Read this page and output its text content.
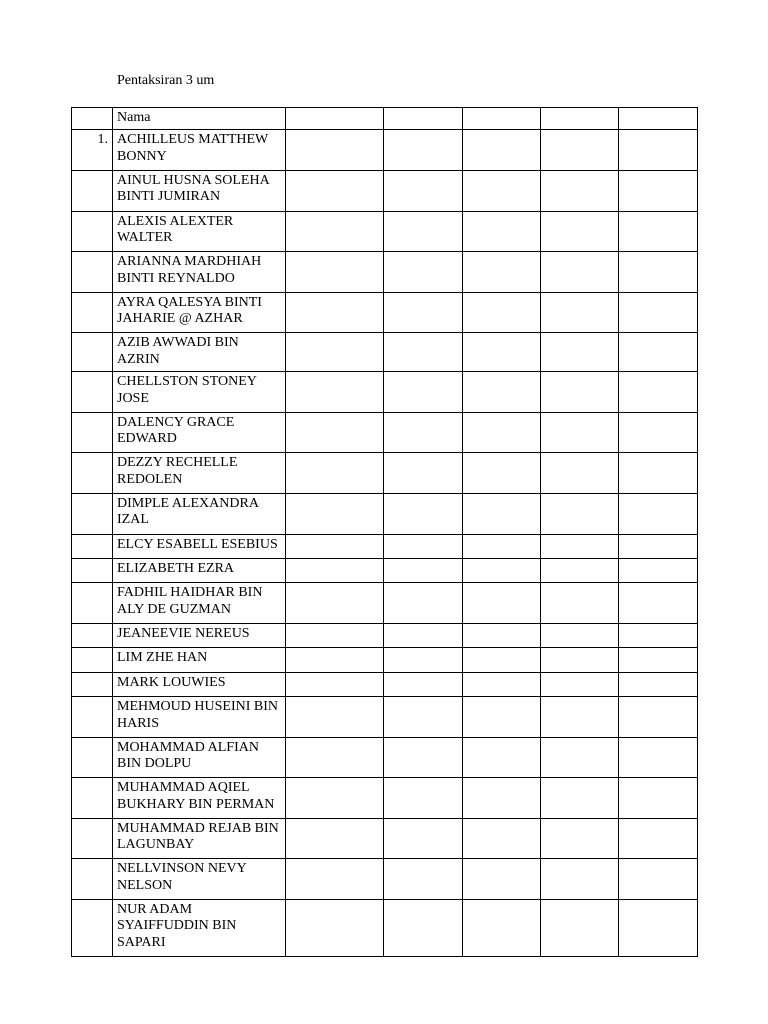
Pentaksiran 3 um
	Nama					
1.	ACHILLEUS MATTHEW BONNY					
	AINUL HUSNA SOLEHA BINTI JUMIRAN					
	ALEXIS ALEXTER WALTER					
	ARIANNA MARDHIAH BINTI REYNALDO					
	AYRA QALESYA BINTI JAHARIE @ AZHAR					
	AZIB AWWADI BIN AZRIN					
	CHELLSTON STONEY JOSE					
	DALENCY GRACE EDWARD					
	DEZZY RECHELLE REDOLEN					
	DIMPLE ALEXANDRA IZAL					
	ELCY ESABELL ESEBIUS					
	ELIZABETH EZRA					
	FADHIL HAIDHAR BIN ALY DE GUZMAN					
	JEANEEVIE NEREUS					
	LIM ZHE HAN					
	MARK LOUWIES					
	MEHMOUD HUSEINI BIN HARIS					
	MOHAMMAD ALFIAN BIN DOLPU					
	MUHAMMAD AQIEL BUKHARY BIN PERMAN					
	MUHAMMAD REJAB BIN LAGUNBAY					
	NELLVINSON NEVY NELSON					
	NUR ADAM SYAIFFUDDIN BIN SAPARI					
